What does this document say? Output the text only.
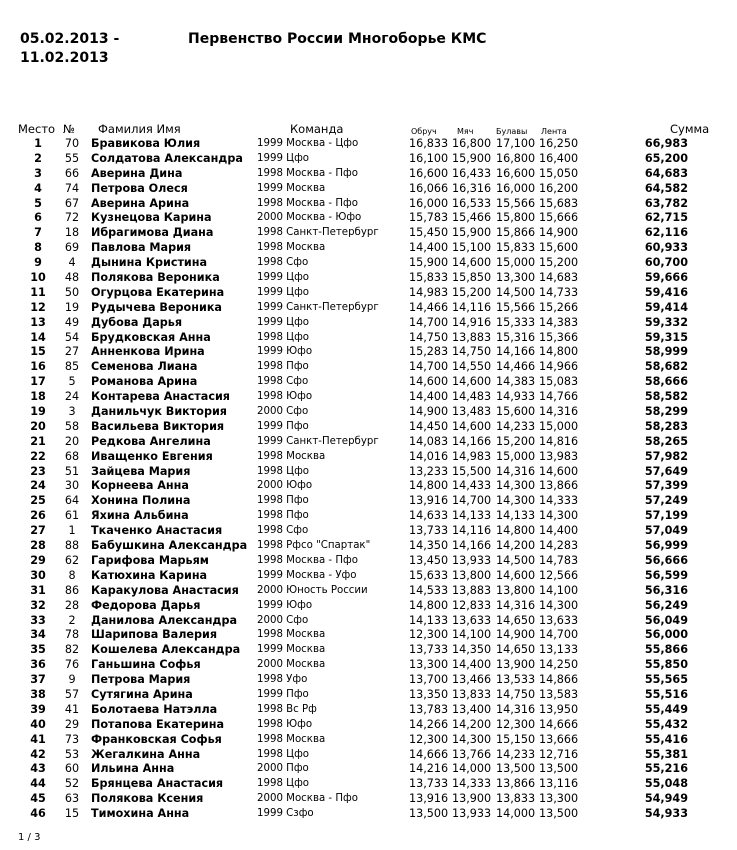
05.02.2013 -
11.02.2013
Первенство России Многоборье КМС
Место № Фамилия Имя	Команда	Обруч	Мяч	Булавы Лента	Сумма
1	70	Бравикова Юлия	1999 Москва - Цфо	16,833 16,800 17,100 16,250	66,983
2	55	Солдатова Александра 1999 Цфо	16,100 15,900 16,800 16,400	65,200
3	66	Аверина Дина	1998 Москва - Пфо	16,600 16,433 16,600 15,050	64,683
4	74	Петрова Олеся	1999 Москва	16,066 16,316 16,000 16,200	64,582
5	67	Аверина Арина	1998 Москва - Пфо	16,000 16,533 15,566 15,683	63,782
6	72	Кузнецова Карина	2000 Москва - Юфо	15,783 15,466 15,800 15,666	62,715
7	18	Ибрагимова Диана	1998 Санкт-Петербург	15,450 15,900 15,866 14,900	62,116
8	69	Павлова Мария	1998 Москва	14,400 15,100 15,833 15,600	60,933
9	4	Дынина Кристина	1998 Сфо	15,900 14,600 15,000 15,200	60,700
10	48	Полякова Вероника	1999 Цфо	15,833 15,850 13,300 14,683	59,666
11	50	Огурцова Екатерина	1999 Цфо	14,983 15,200 14,500 14,733	59,416
12	19	Рудычева Вероника	1999 Санкт-Петербург	14,466 14,116 15,566 15,266	59,414
13	49	Дубова Дарья	1999 Цфо	14,700 14,916 15,333 14,383	59,332
14	54	Брудковская Анна	1998 Цфо	14,750 13,883 15,316 15,366	59,315
15	27	Анненкова Ирина	1999 Юфо	15,283 14,750 14,166 14,800	58,999
16	85	Семенова Лиана	1998 Пфо	14,700 14,550 14,466 14,966	58,682
17	5	Романова Арина	1998 Сфо	14,600 14,600 14,383 15,083	58,666
18	24	Контарева Анастасия	1998 Юфо	14,400 14,483 14,933 14,766	58,582
19	3	Данильчук Виктория	2000 Сфо	14,900 13,483 15,600 14,316	58,299
20	58	Васильева Виктория	1999 Пфо	14,450 14,600 14,233 15,000	58,283
21	20	Редкова Ангелина	1999 Санкт-Петербург	14,083 14,166 15,200 14,816	58,265
22	68	Иващенко Евгения	1998 Москва	14,016 14,983 15,000 13,983	57,982
23	51	Зайцева Мария	1998 Цфо	13,233 15,500 14,316 14,600	57,649
24	30	Корнеева Анна	2000 Юфо	14,800 14,433 14,300 13,866	57,399
25	64	Хонина Полина	1998 Пфо	13,916 14,700 14,300 14,333	57,249
26	61	Яхина Альбина	1998 Пфо	14,633 14,133 14,133 14,300	57,199
27	1	Ткаченко Анастасия	1998 Сфо	13,733 14,116 14,800 14,400	57,049
28	88	Бабушкина Александра 1998 Рфсо "Спартак"	14,350 14,166 14,200 14,283	56,999
29	62	Гарифова Марьям	1998 Москва - Пфо	13,450 13,933 14,500 14,783	56,666
30	8	Катюхина Карина	1999 Москва - Уфо	15,633 13,800 14,600 12,566	56,599
31	86	Каракулова Анастасия 2000 Юность России	14,533 13,883 13,800 14,100	56,316
32	28	Федорова Дарья	1999 Юфо	14,800 12,833 14,316 14,300	56,249
33	2	Данилова Александра 2000 Сфо	14,133 13,633 14,650 13,633	56,049
34	78	Шарипова Валерия	1998 Москва	12,300 14,100 14,900 14,700	56,000
35	82	Кошелева Александра 1999 Москва	13,733 14,350 14,650 13,133	55,866
36	76	Ганьшина Софья	2000 Москва	13,300 14,400 13,900 14,250	55,850
37	9	Петрова Мария	1998 Уфо	13,700 13,466 13,533 14,866	55,565
38	57	Сутягина Арина	1999 Пфо	13,350 13,833 14,750 13,583	55,516
39	41	Болотаева Натэлла	1998 Вс Рф	13,783 13,400 14,316 13,950	55,449
40	29	Потапова Екатерина	1998 Юфо	14,266 14,200 12,300 14,666	55,432
41	73	Франковская Софья	1998 Москва	12,300 14,300 15,150 13,666	55,416
42	53	Жегалкина Анна	1998 Цфо	14,666 13,766 14,233 12,716	55,381
43	60	Ильина Анна	2000 Пфо	14,216 14,000 13,500 13,500	55,216
44	52	Брянцева Анастасия	1998 Цфо	13,733 14,333 13,866 13,116	55,048
45	63	Полякова Ксения	2000 Москва - Пфо	13,916 13,900 13,833 13,300	54,949
46	15	Тимохина Анна	1999 Сзфо	13,500 13,933 14,000 13,500	54,933
1 / 3
